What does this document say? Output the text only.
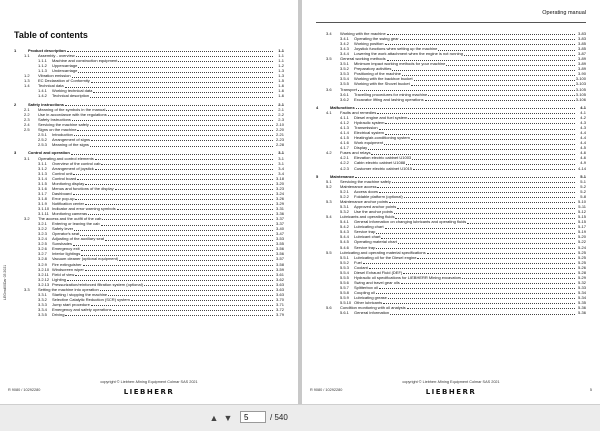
Table of contents
1	Product description	1-1
1.1	Assembly - overview	1-1
1.1.1	Machine and construction equipment	1-1
1.1.2	Uppercarriage	1-2
1.1.3	Undercarriage	1-3
1.2	Vibration emission	1-3
1.3	EC Declaration of Conformity	1-5
1.4	Technical data	1-6
1.4.1	Working technical data	1-6
1.4.2	Technical description	1-6
2	Safety instructions	2-1
2.1	Meaning of the symbols in the manual	2-1
2.2	Use in accordance with the regulations	2-2
2.3	Safety Instructions	2-3
2.4	Servicing the machine safely	2-10
2.5	Signs on the machine	2-20
2.5.1	Introduction	2-21
2.5.2	Arrangement of signs	2-23
2.5.3	Meaning of the signs	2-28
3	Control and operation	3-1
3.1	Operating and control elements	3-1
3.1.1	Overview of the control cab	3-1
3.1.2	Arrangement of joystick	3-4
3.1.3	Control unit	3-4
3.1.4	Control board	3-18
3.1.5	Monitoring display	3-20
3.1.6	Menus and functions of the display	3-23
3.1.7	Dashboard	3-24
3.1.8	Error pop-up	3-26
3.1.9	Notification center	3-29
3.1.10 Indicator and error warning symbols	3-31
3.1.11 Monitoring cameras	3-36
3.2	The access and the outfit of the cab	3-37
3.2.1	Entering or leaving the cab	3-37
3.2.2	Safety lever	3-40
3.2.3	Operator's seat	3-47
3.2.4	Adjusting of the auxiliary seat	3-53
3.2.5	Sunshades	3-55
3.2.6	Emergency exit	3-56
3.2.7	Interior lightings	3-56
3.2.8	Vacuum cleaner (optional equipment)	3-57
3.2.9	Fire extinguisher	3-58
3.2.10 Windscreen wiper	3-59
3.2.11 Field of view	3-61
3.2.12 Lighting	3-62
3.2.13 Pressurization/reinforced filtration system (optional)	3-63
3.3	Setting the machine into operation	3-63
3.3.1	Starting / stopping the machine	3-63
3.3.2	Selective Catalytic Reduction (SCR) system	3-70
3.3.3	Jump start procedure	3-71
3.3.4	Emergency and safety operations	3-72
3.3.5	Driving	3-79
LEGrnd00Dar 03 2021
copyright © Liebherr-Mining Equipment Colmar SAS 2021
R 9080 / 10292280	LIEBHERR
Operating manual
3.4	Working with the machine	3-83
3.4.1	Operating the swing gear	3-83
3.4.2	Working position	3-85
3.4.3	Joystick functions when setting up the machine	3-85
3.4.4	Lowering the work attachment when the engine is not running	3-87
3.5	General working methods	3-89
3.5.1	Minimum impact working methods for your machine	3-89
3.5.2	Preparatory activities	3-89
3.5.3	Positioning of the machine	3-90
3.5.4	Working with the backhoe bucket	3-100
3.5.5	Working with the Shovel bucket	3-103
3.6	Transport	3-105
3.6.1	Travelling procedures for mining machine	3-105
3.6.2	Excavator lifting and lashing operations	3-106
4	Malfunctions	4-1
4.1	Faults and remedies	4-1
4.1.1	Diesel engine and fuel system	4-2
4.1.2	Hydraulic system	4-3
4.1.3	Transmission	4-3
4.1.4	Electrical system	4-4
4.1.5	Heating/air-conditioning system	4-4
4.1.6	Work equipment	4-4
4.1.7	Display	4-5
4.2	Fuses and relays	4-6
4.2.1	Elevation electric cabinet U1003	4-6
4.2.2	Cabin electric cabinet U1088	4-9
4.2.3	Customer electric cabinet U1015	4-14
5	Maintenance	5-1
5.1	Servicing the machine safely	5-1
5.2	Maintenance access	5-2
5.2.1	Access doors	5-2
5.2.2	Foldable platform (optional)	5-8
5.3	Maintenance anchor points	5-10
5.3.1	Approved anchor points	5-11
5.3.2	Use the anchor points	5-12
5.4	Lubricants and operating fluids	5-15
5.4.1	General information on changing lubricants and operating fluids	5-15
5.4.2	Lubricating chart	5-17
5.4.3	Service trap	5-19
5.4.4	Lubricant chart	5-20
5.4.5	Operating material chart	5-22
5.4.6	Service trap	5-24
5.5	Lubricating and operating material specifications	5-25
5.5.1	Lubricating oil for the Diesel engine	5-25
5.5.2	Fuel	5-25
5.5.3	Coolant	5-26
5.5.4	Diesel Exhaust Fluid (DEF)	5-28
5.5.5	Hydraulic oil specifications for LIEBHERR Mining excavators	5-29
5.5.6	Swing and travel gear oils	5-32
5.5.7	Splitterbox oil	5-33
5.5.8	Coupling oil	5-34
5.5.9	Lubricating grease	5-34
5.5.10 Other lubricants	5-35
5.6	Condition monitoring with oil analysis	5-36
5.6.1	General information	5-36
copyright © Liebherr-Mining Equipment Colmar SAS 2021
R 9080 / 10292280	LIEBHERR	5
▲ ▼
5	/ 540
